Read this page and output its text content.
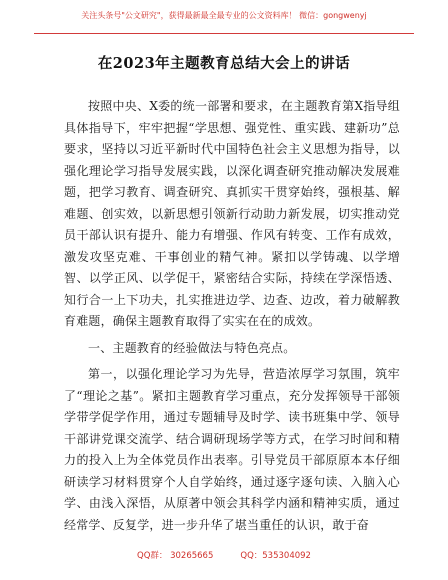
关注头条号"公文研究"，获得最新最全最专业的公文资料库！ 微信：gongwenyj
在2023年主题教育总结大会上的讲话

按照中央、X委的统一部署和要求，在主题教育第X指导组具体指导下，牢牢把握“学思想、强党性、重实践、建新功”总要求，坚持以习近平新时代中国特色社会主义思想为指导，以强化理论学习指导发展实践，以深化调查研究推动解决发展难题，把学习教育、调查研究、真抓实干贯穿始终，强根基、解难题、创实效，以新思想引领新行动助力新发展，切实推动党员干部认识有提升、能力有增强、作风有转变、工作有成效，激发攻坚克难、干事创业的精气神。紧扣以学铸魂、以学增智、以学正风、以学促干，紧密结合实际，持续在学深悟透、知行合一上下功夫，扎实推进边学、边查、边改，着力破解教育难题，确保主题教育取得了实实在在的成效。

一、主题教育的经验做法与特色亮点。

第一，以强化理论学习为先导，营造浓厚学习氛围，筑牢了“理论之基”。紧扣主题教育学习重点，充分发挥领导干部领学带学促学作用，通过专题辅导及时学、读书班集中学、领导干部讲党课交流学、结合调研现场学等方式，在学习时间和精力的投入上为全体党员作出表率。引导党员干部原原本本仔细研读学习材料贯穿个人自学始终，通过逐字逐句读、入脑入心学、由浅入深悟，从原著中领会其科学内涵和精神实质，通过经常学、反复学，进一步升华了堪当重任的认识，敢于奋

QQ群： 30265665          QQ：535304092
